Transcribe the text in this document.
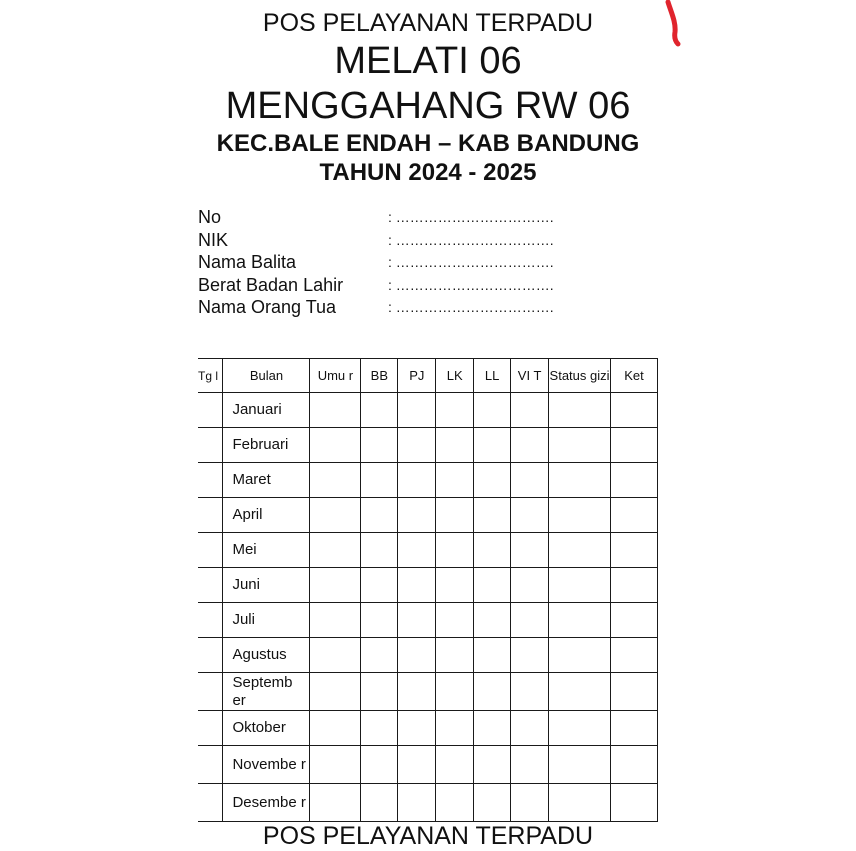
POS PELAYANAN TERPADU
MELATI 06
MENGGAHANG RW 06
KEC.BALE ENDAH – KAB BANDUNG
TAHUN 2024 - 2025
No	: …………………………….
NIK	: …………………………….
Nama Balita	: …………………………….
Berat Badan Lahir	: …………………………….
Nama Orang Tua	: …………………………….
Tg l	Bulan	Umu r	BB	PJ	LK	LL	VI T	Status gizi	Ket
	Januari								
	Februari								
	Maret								
	April								
	Mei								
	Juni								
	Juli								
	Agustus								
	Septemb er								
	Oktober								
	Novembe r								
	Desembe r								
POS PELAYANAN TERPADU
